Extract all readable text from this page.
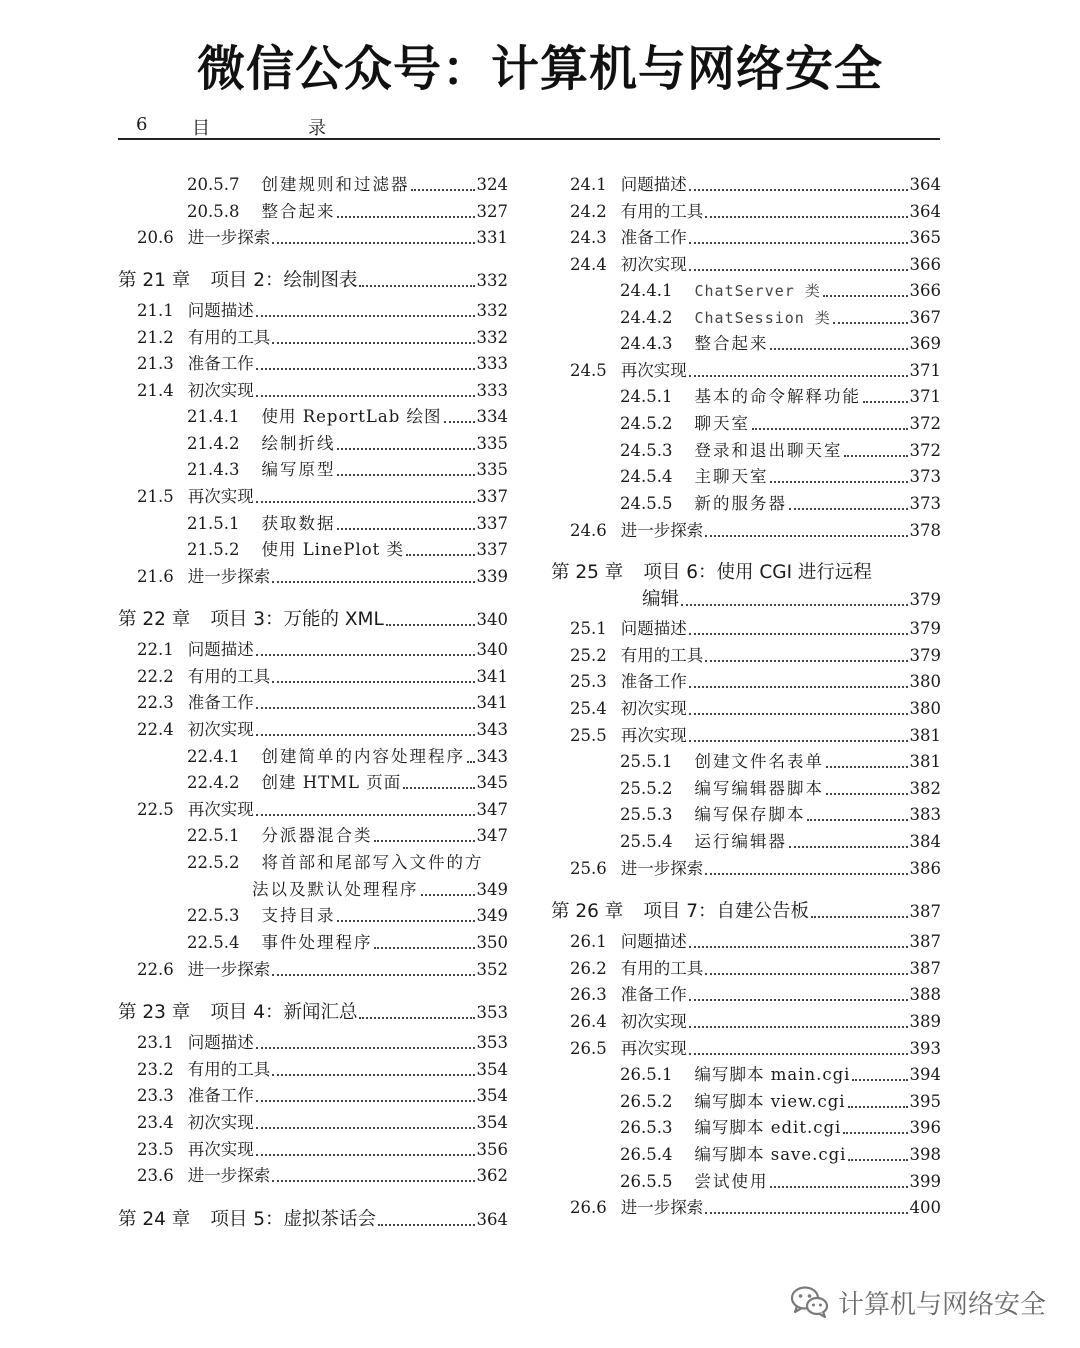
微信公众号：计算机与网络安全
6 目　录
20.5.7 创建规则和过滤器	324
20.5.8 整合起来	327
20.6 进一步探索	331
第 21 章 项目 2：绘制图表	332
21.1 问题描述	332
21.2 有用的工具	332
21.3 准备工作	333
21.4 初次实现	333
21.4.1 使用 ReportLab 绘图 334
21.4.2 绘制折线	335
21.4.3 编写原型	335
21.5 再次实现	337
21.5.1 获取数据	337
21.5.2 使用 LinePlot 类	337
21.6 进一步探索	339
第 22 章 项目 3：万能的 XML	340
22.1 问题描述	340
22.2 有用的工具	341
22.3 准备工作	341
22.4 初次实现	343
22.4.1 创建简单的内容处理程序 343
22.4.2 创建 HTML 页面	345
22.5 再次实现	347
22.5.1 分派器混合类	347
22.5.2 将首部和尾部写入文件的方
法以及默认处理程序	349
22.5.3 支持目录	349
22.5.4 事件处理程序	350
22.6 进一步探索	352
第 23 章 项目 4：新闻汇总	353
23.1 问题描述	353
23.2 有用的工具	354
23.3 准备工作	354
23.4 初次实现	354
23.5 再次实现	356
23.6 进一步探索	362
第 24 章 项目 5：虚拟茶话会	364
24.1 问题描述	364
24.2 有用的工具	364
24.3 准备工作	365
24.4 初次实现	366
24.4.1 ChatServer 类	366
24.4.2 ChatSession 类	367
24.4.3 整合起来	369
24.5 再次实现	371
24.5.1 基本的命令解释功能	371
24.5.2 聊天室	372
24.5.3 登录和退出聊天室	372
24.5.4 主聊天室	373
24.5.5 新的服务器	373
24.6 进一步探索	378
第 25 章 项目 6：使用 CGI 进行远程
编辑	379
25.1 问题描述	379
25.2 有用的工具	379
25.3 准备工作	380
25.4 初次实现	380
25.5 再次实现	381
25.5.1 创建文件名表单	381
25.5.2 编写编辑器脚本	382
25.5.3 编写保存脚本	383
25.5.4 运行编辑器	384
25.6 进一步探索	386
第 26 章 项目 7：自建公告板	387
26.1 问题描述	387
26.2 有用的工具	387
26.3 准备工作	388
26.4 初次实现	389
26.5 再次实现	393
26.5.1 编写脚本 main.cgi	394
26.5.2 编写脚本 view.cgi	395
26.5.3 编写脚本 edit.cgi	396
26.5.4 编写脚本 save.cgi	398
26.5.5 尝试使用	399
26.6 进一步探索	400
计算机与网络安全
